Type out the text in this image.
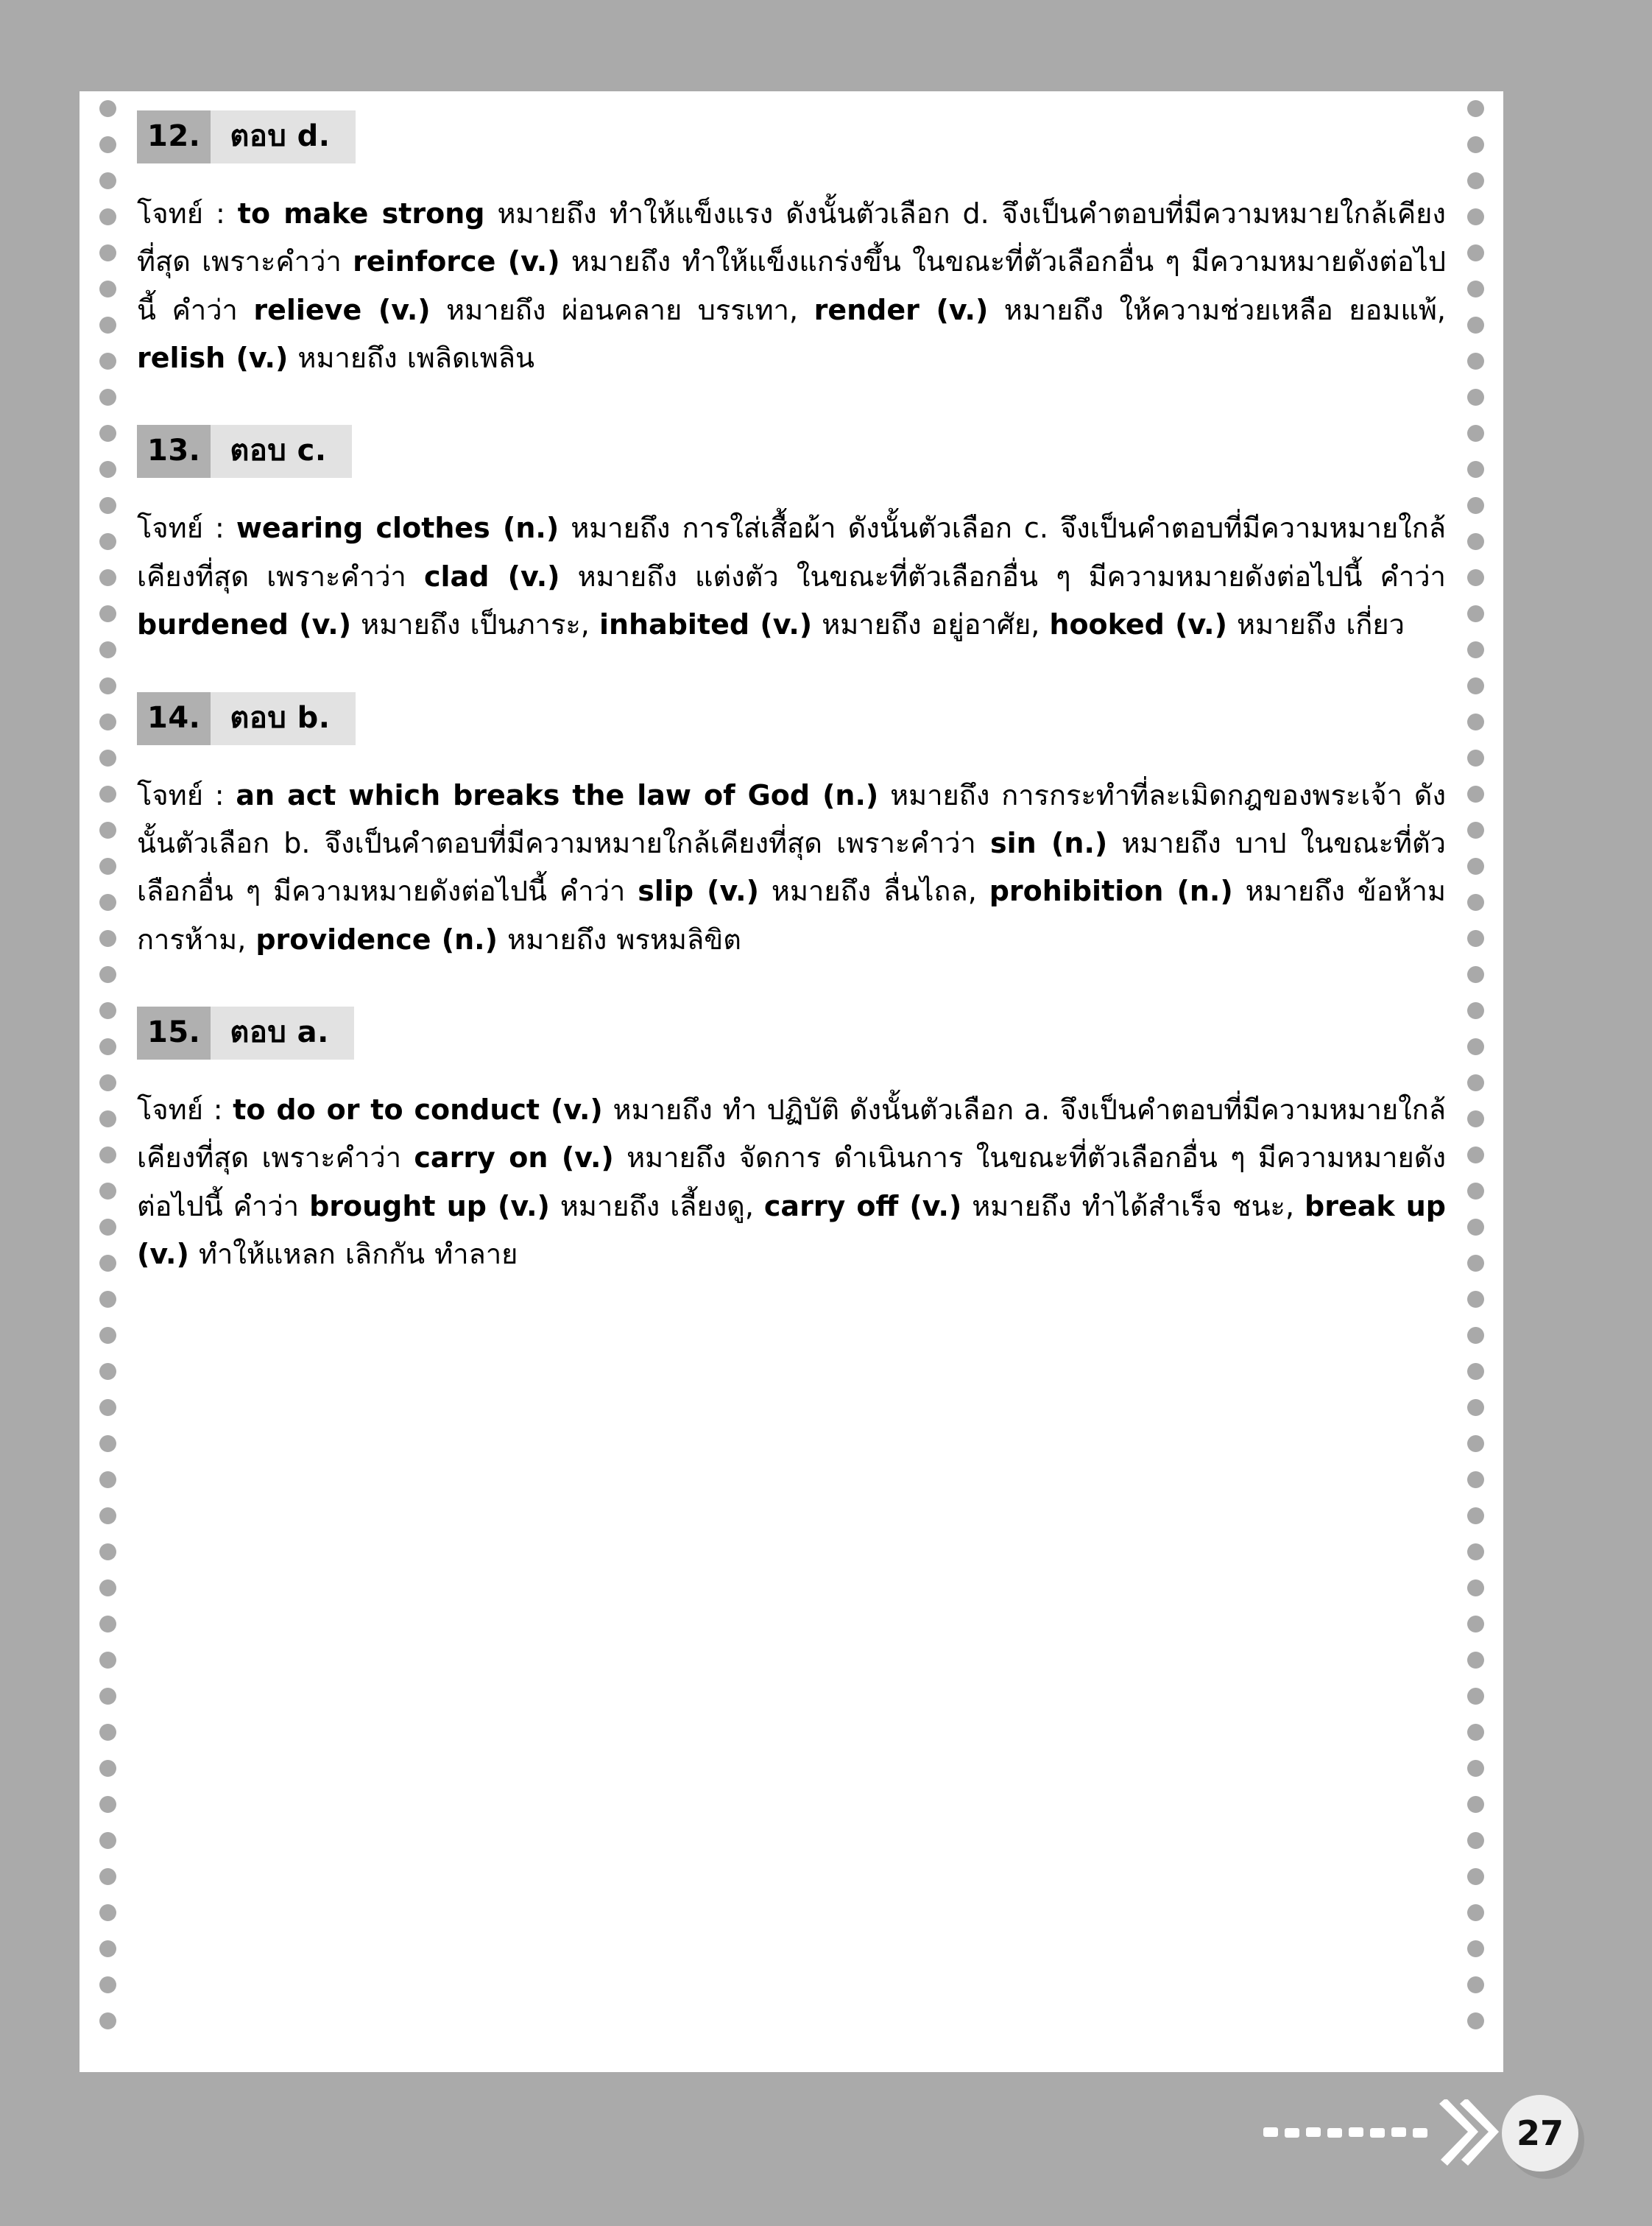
12.	ตอบ d.
โจทย์ : to make strong หมายถึง ทำให้แข็งแรง ดังนั้นตัวเลือก d. จึงเป็นคำตอบที่มีความหมายใกล้เคียงที่สุด เพราะคำว่า reinforce (v.) หมายถึง ทำให้แข็งแกร่งขึ้น ในขณะที่ตัวเลือกอื่น ๆ มีความหมายดังต่อไปนี้ คำว่า relieve (v.) หมายถึง ผ่อนคลาย บรรเทา, render (v.) หมายถึง ให้ความช่วยเหลือ ยอมแพ้, relish (v.) หมายถึง เพลิดเพลิน
13.	ตอบ c.
โจทย์ : wearing clothes (n.) หมายถึง การใส่เสื้อผ้า ดังนั้นตัวเลือก c. จึงเป็นคำตอบที่มีความหมายใกล้เคียงที่สุด เพราะคำว่า clad (v.) หมายถึง แต่งตัว ในขณะที่ตัวเลือกอื่น ๆ มีความหมายดังต่อไปนี้ คำว่า burdened (v.) หมายถึง เป็นภาระ, inhabited (v.) หมายถึง อยู่อาศัย, hooked (v.) หมายถึง เกี่ยว
14.	ตอบ b.
โจทย์ : an act which breaks the law of God (n.) หมายถึง การกระทำที่ละเมิดกฎของพระเจ้า ดังนั้นตัวเลือก b. จึงเป็นคำตอบที่มีความหมายใกล้เคียงที่สุด เพราะคำว่า sin (n.) หมายถึง บาป ในขณะที่ตัวเลือกอื่น ๆ มีความหมายดังต่อไปนี้ คำว่า slip (v.) หมายถึง ลื่นไถล, prohibition (n.) หมายถึง ข้อห้าม การห้าม, providence (n.) หมายถึง พรหมลิขิต
15.	ตอบ a.
โจทย์ : to do or to conduct (v.) หมายถึง ทำ ปฏิบัติ ดังนั้นตัวเลือก a. จึงเป็นคำตอบที่มีความหมายใกล้เคียงที่สุด เพราะคำว่า carry on (v.) หมายถึง จัดการ ดำเนินการ ในขณะที่ตัวเลือกอื่น ๆ มีความหมายดังต่อไปนี้ คำว่า brought up (v.) หมายถึง เลี้ยงดู, carry off (v.) หมายถึง ทำได้สำเร็จ ชนะ, break up (v.) ทำให้แหลก เลิกกัน ทำลาย
27
